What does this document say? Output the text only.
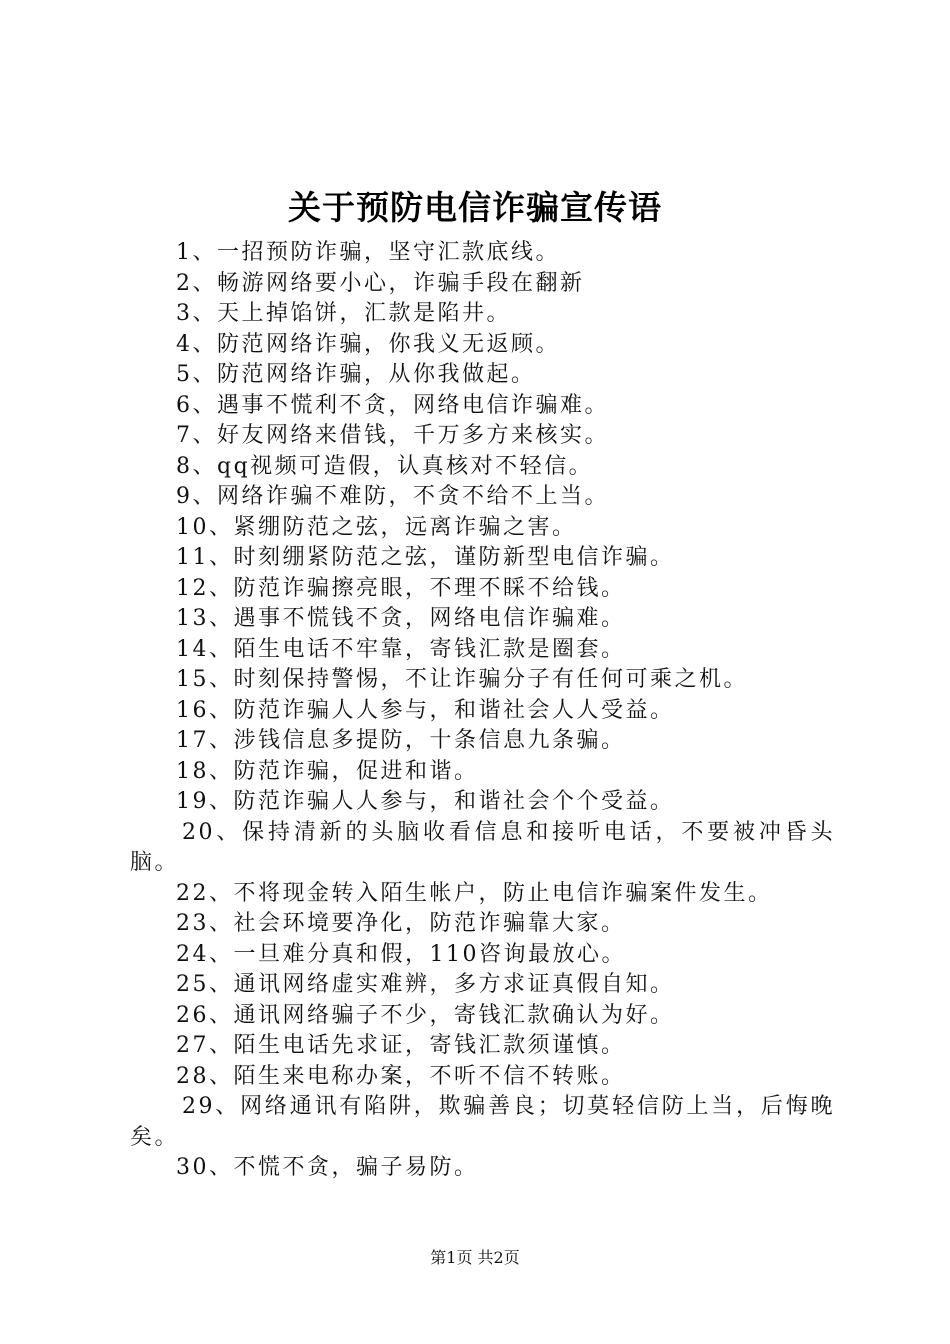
关于预防电信诈骗宣传语
1、一招预防诈骗，坚守汇款底线。
2、畅游网络要小心，诈骗手段在翻新
3、天上掉馅饼，汇款是陷井。
4、防范网络诈骗，你我义无返顾。
5、防范网络诈骗，从你我做起。
6、遇事不慌利不贪，网络电信诈骗难。
7、好友网络来借钱，千万多方来核实。
8、qq视频可造假，认真核对不轻信。
9、网络诈骗不难防，不贪不给不上当。
10、紧绷防范之弦，远离诈骗之害。
11、时刻绷紧防范之弦，谨防新型电信诈骗。
12、防范诈骗擦亮眼，不理不睬不给钱。
13、遇事不慌钱不贪，网络电信诈骗难。
14、陌生电话不牢靠，寄钱汇款是圈套。
15、时刻保持警惕，不让诈骗分子有任何可乘之机。
16、防范诈骗人人参与，和谐社会人人受益。
17、涉钱信息多提防，十条信息九条骗。
18、防范诈骗，促进和谐。
19、防范诈骗人人参与，和谐社会个个受益。
20、保持清新的头脑收看信息和接听电话，不要被冲昏头脑。
22、不将现金转入陌生帐户，防止电信诈骗案件发生。
23、社会环境要净化，防范诈骗靠大家。
24、一旦难分真和假，110咨询最放心。
25、通讯网络虚实难辨，多方求证真假自知。
26、通讯网络骗子不少，寄钱汇款确认为好。
27、陌生电话先求证，寄钱汇款须谨慎。
28、陌生来电称办案，不听不信不转账。
29、网络通讯有陷阱，欺骗善良；切莫轻信防上当，后悔晚矣。
30、不慌不贪，骗子易防。
第1页 共2页
